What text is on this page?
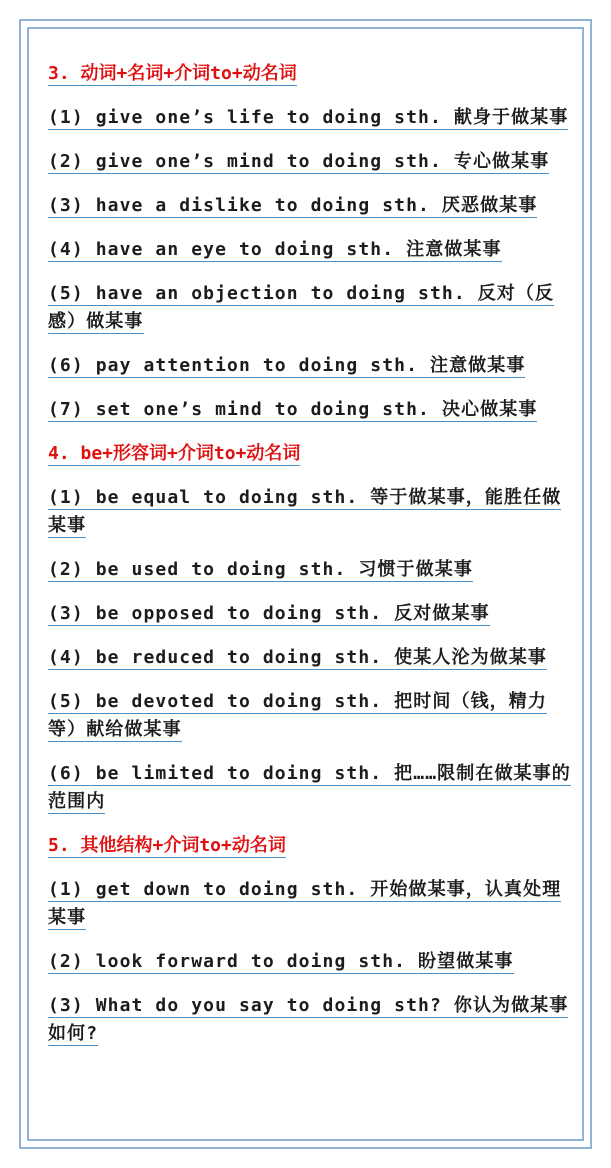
3. 动词+名词+介词to+动名词
(1) give one’s life to doing sth. 献身于做某事
(2) give one’s mind to doing sth. 专心做某事
(3) have a dislike to doing sth. 厌恶做某事
(4) have an eye to doing sth. 注意做某事
(5) have an objection to doing sth. 反对（反感）做某事
(6) pay attention to doing sth. 注意做某事
(7) set one’s mind to doing sth. 决心做某事
4. be+形容词+介词to+动名词
(1) be equal to doing sth. 等于做某事，能胜任做某事
(2) be used to doing sth. 习惯于做某事
(3) be opposed to doing sth. 反对做某事
(4) be reduced to doing sth. 使某人沦为做某事
(5) be devoted to doing sth. 把时间（钱，精力等）献给做某事
(6) be limited to doing sth. 把……限制在做某事的范围内
5. 其他结构+介词to+动名词
(1) get down to doing sth. 开始做某事，认真处理某事
(2) look forward to doing sth. 盼望做某事
(3) What do you say to doing sth? 你认为做某事如何?
